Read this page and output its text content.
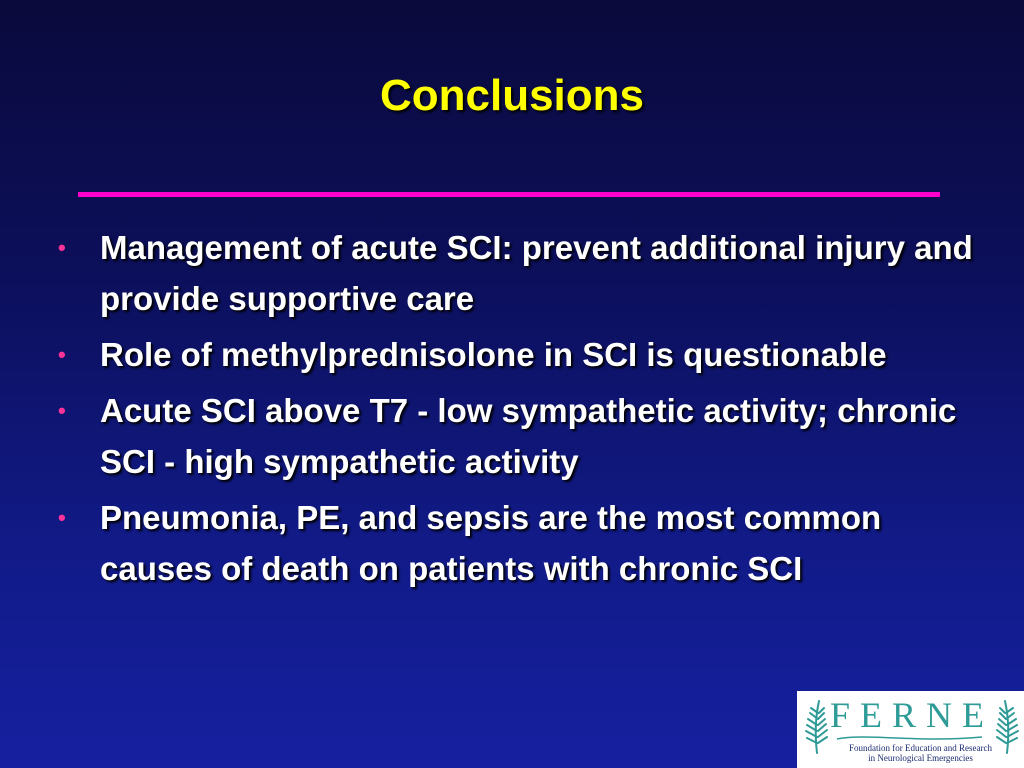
Conclusions
• Management of acute SCI: prevent additional injury and provide supportive care
• Role of methylprednisolone in SCI is questionable
• Acute SCI above T7 - low sympathetic activity; chronic SCI - high sympathetic activity
• Pneumonia, PE, and sepsis are the most common causes of death on patients with chronic SCI
FERNE
Foundation for Education and Research
in Neurological Emergencies
